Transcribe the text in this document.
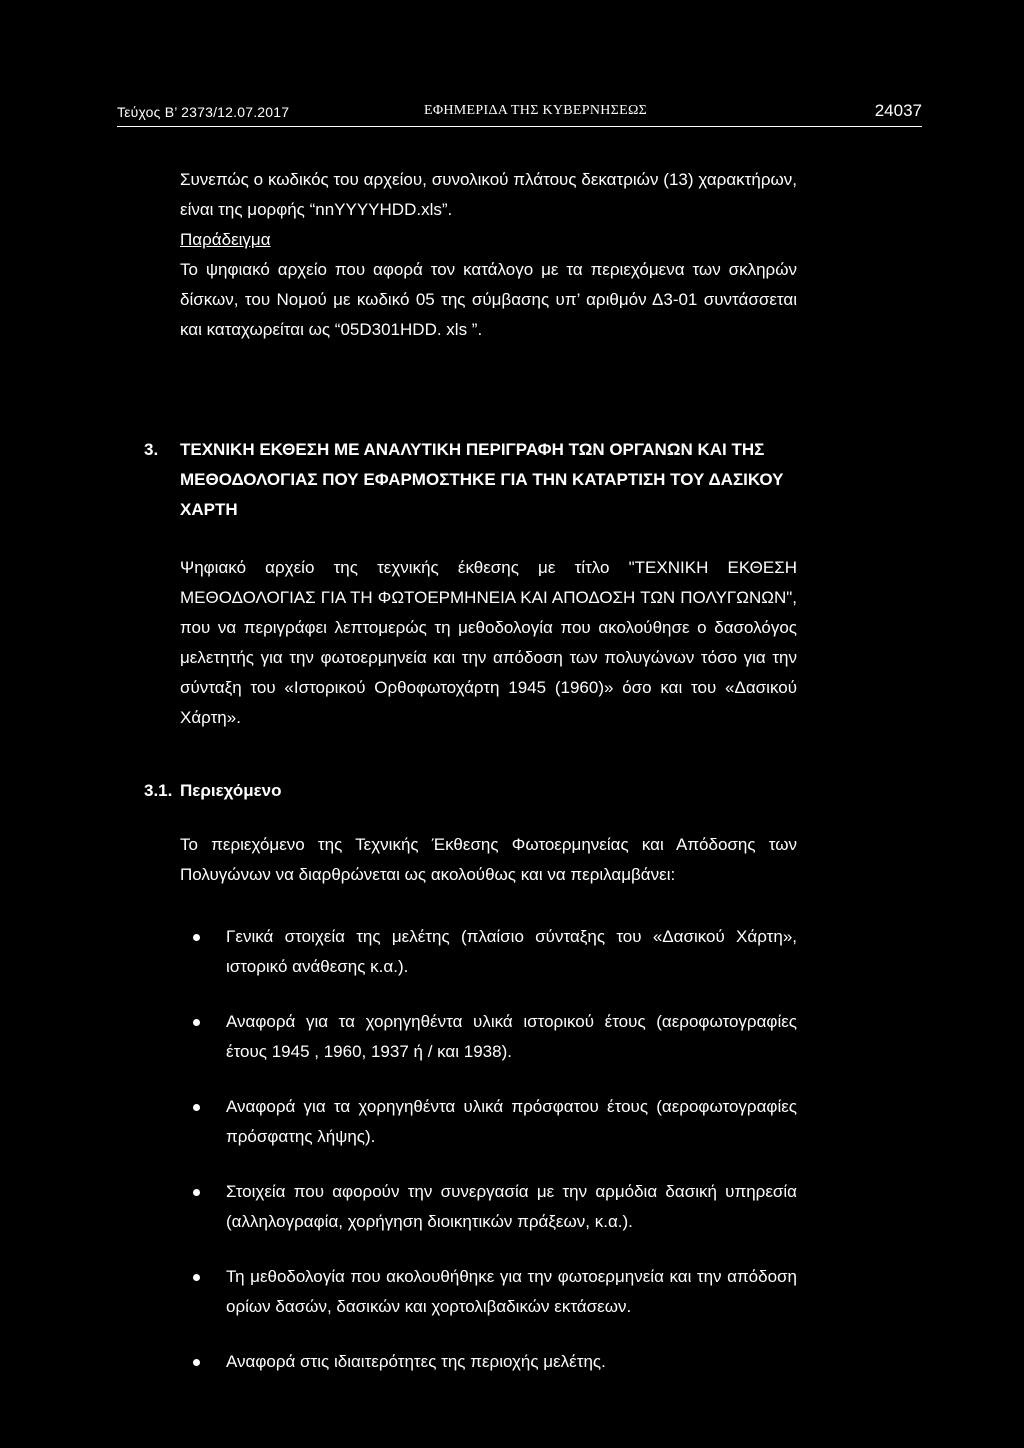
Τεύχος Β’ 2373/12.07.2017	ΕΦΗΜΕΡΙΔΑ ΤΗΣ ΚΥΒΕΡΝΗΣΕΩΣ	24037

Συνεπώς ο κωδικός του αρχείου, συνολικού πλάτους δεκατριών (13) χαρακτήρων, είναι της μορφής “nnYYYYHDD.xls”.

Παράδειγμα

Το ψηφιακό αρχείο που αφορά τον κατάλογο με τα περιεχόμενα των σκληρών δίσκων, του Νομού με κωδικό 05 της σύμβασης υπ’ αριθμόν Δ3-01 συντάσσεται και καταχωρείται ως “05D301HDD. xls ”.

3. ΤΕΧΝΙΚΗ ΕΚΘΕΣΗ ΜΕ ΑΝΑΛΥΤΙΚΗ ΠΕΡΙΓΡΑΦΗ ΤΩΝ ΟΡΓΑΝΩΝ ΚΑΙ ΤΗΣ ΜΕΘΟΔΟΛΟΓΙΑΣ ΠΟΥ ΕΦΑΡΜΟΣΤΗΚΕ ΓΙΑ ΤΗΝ ΚΑΤΑΡΤΙΣΗ ΤΟΥ ΔΑΣΙΚΟΥ ΧΑΡΤΗ

Ψηφιακό αρχείο της τεχνικής έκθεσης με τίτλο "ΤΕΧΝΙΚΗ ΕΚΘΕΣΗ ΜΕΘΟΔΟΛΟΓΙΑΣ ΓΙΑ ΤΗ ΦΩΤΟΕΡΜΗΝΕΙΑ ΚΑΙ ΑΠΟΔΟΣΗ ΤΩΝ ΠΟΛΥΓΩΝΩΝ", που να περιγράφει λεπτομερώς τη μεθοδολογία που ακολούθησε ο δασολόγος μελετητής για την φωτοερμηνεία και την απόδοση των πολυγώνων τόσο για την σύνταξη του «Ιστορικού Ορθοφωτοχάρτη 1945 (1960)» όσο και του «Δασικού Χάρτη».

3.1. Περιεχόμενο

Το περιεχόμενο της Τεχνικής Έκθεσης Φωτοερμηνείας και Απόδοσης των Πολυγώνων να διαρθρώνεται ως ακολούθως και να περιλαμβάνει:

Γενικά στοιχεία της μελέτης (πλαίσιο σύνταξης του «Δασικού Χάρτη», ιστορικό ανάθεσης κ.α.).
Αναφορά για τα χορηγηθέντα υλικά ιστορικού έτους (αεροφωτογραφίες έτους 1945 , 1960, 1937 ή / και 1938).
Αναφορά για τα χορηγηθέντα υλικά πρόσφατου έτους (αεροφωτογραφίες πρόσφατης λήψης).
Στοιχεία που αφορούν την συνεργασία με την αρμόδια δασική υπηρεσία (αλληλογραφία, χορήγηση διοικητικών πράξεων, κ.α.).
Τη μεθοδολογία που ακολουθήθηκε για την φωτοερμηνεία και την απόδοση ορίων δασών, δασικών και χορτολιβαδικών εκτάσεων.
Αναφορά στις ιδιαιτερότητες της περιοχής μελέτης.
